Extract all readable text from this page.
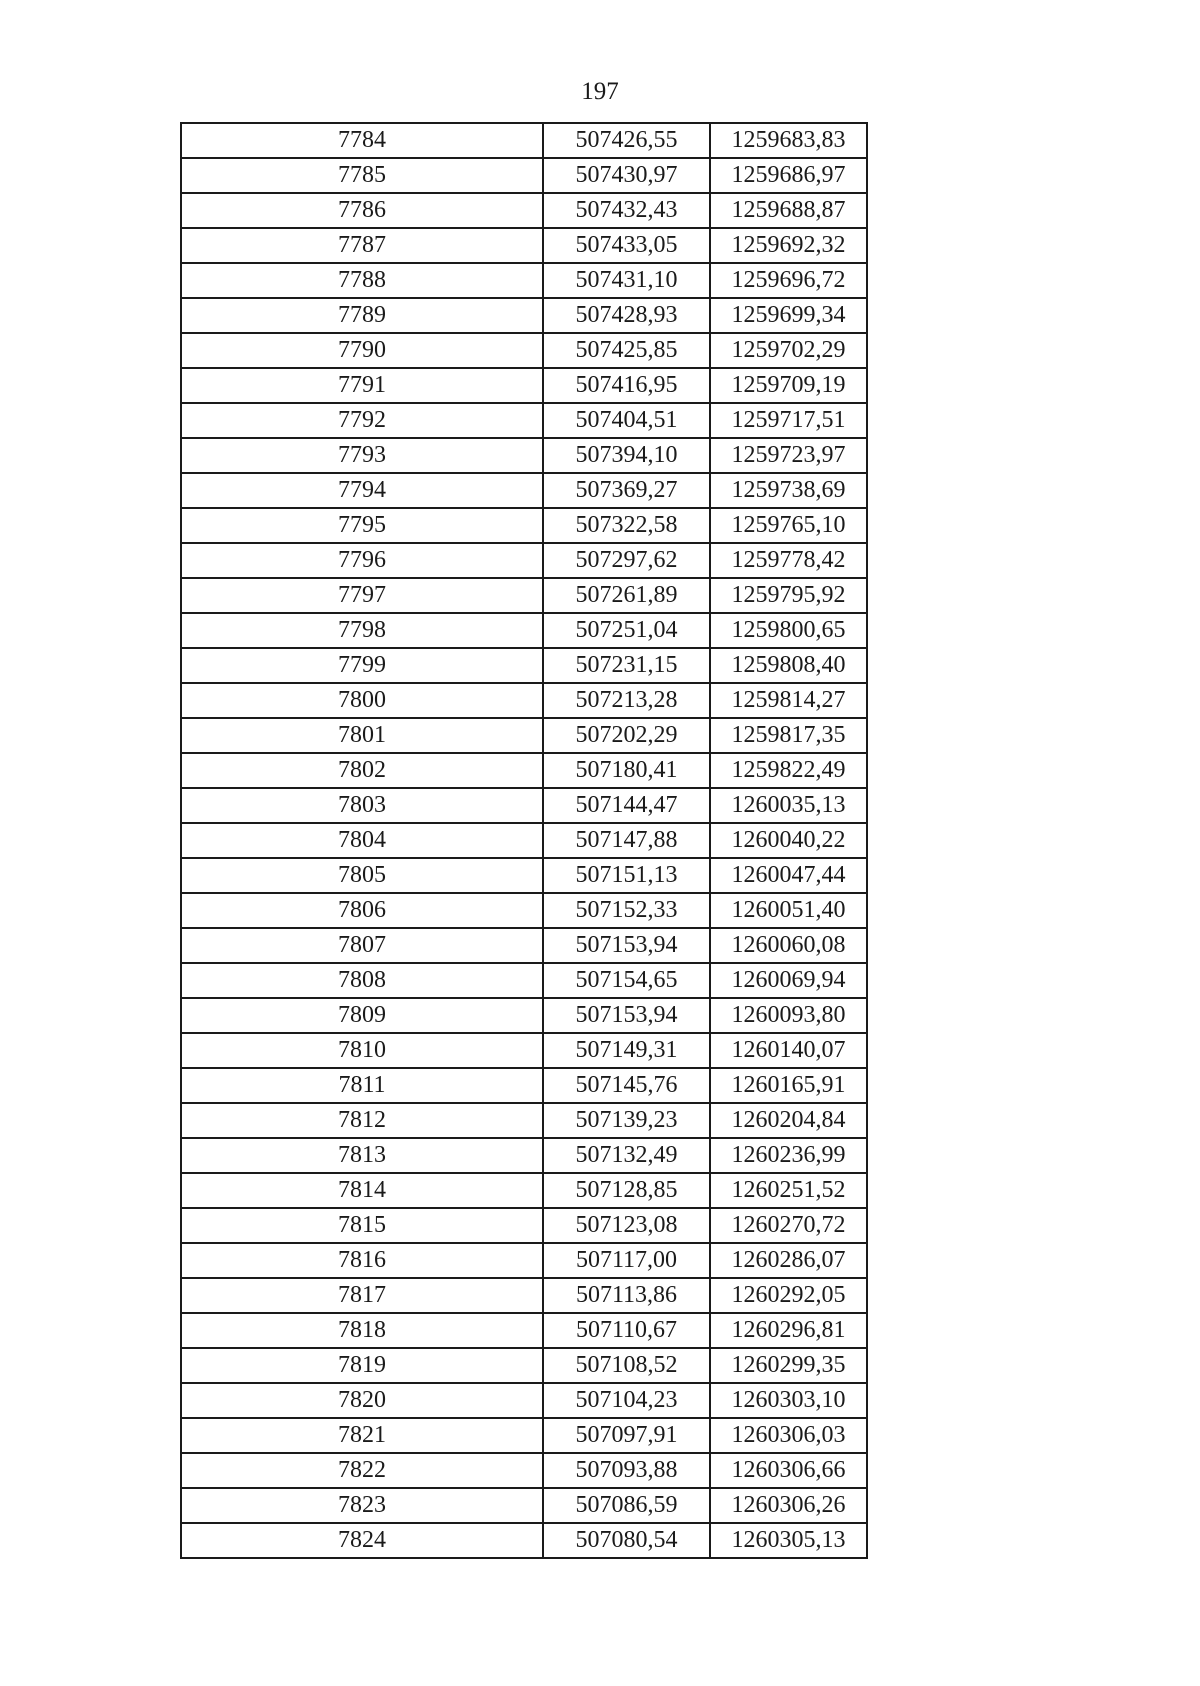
197
7784	507426,55	1259683,83
7785	507430,97	1259686,97
7786	507432,43	1259688,87
7787	507433,05	1259692,32
7788	507431,10	1259696,72
7789	507428,93	1259699,34
7790	507425,85	1259702,29
7791	507416,95	1259709,19
7792	507404,51	1259717,51
7793	507394,10	1259723,97
7794	507369,27	1259738,69
7795	507322,58	1259765,10
7796	507297,62	1259778,42
7797	507261,89	1259795,92
7798	507251,04	1259800,65
7799	507231,15	1259808,40
7800	507213,28	1259814,27
7801	507202,29	1259817,35
7802	507180,41	1259822,49
7803	507144,47	1260035,13
7804	507147,88	1260040,22
7805	507151,13	1260047,44
7806	507152,33	1260051,40
7807	507153,94	1260060,08
7808	507154,65	1260069,94
7809	507153,94	1260093,80
7810	507149,31	1260140,07
7811	507145,76	1260165,91
7812	507139,23	1260204,84
7813	507132,49	1260236,99
7814	507128,85	1260251,52
7815	507123,08	1260270,72
7816	507117,00	1260286,07
7817	507113,86	1260292,05
7818	507110,67	1260296,81
7819	507108,52	1260299,35
7820	507104,23	1260303,10
7821	507097,91	1260306,03
7822	507093,88	1260306,66
7823	507086,59	1260306,26
7824	507080,54	1260305,13
